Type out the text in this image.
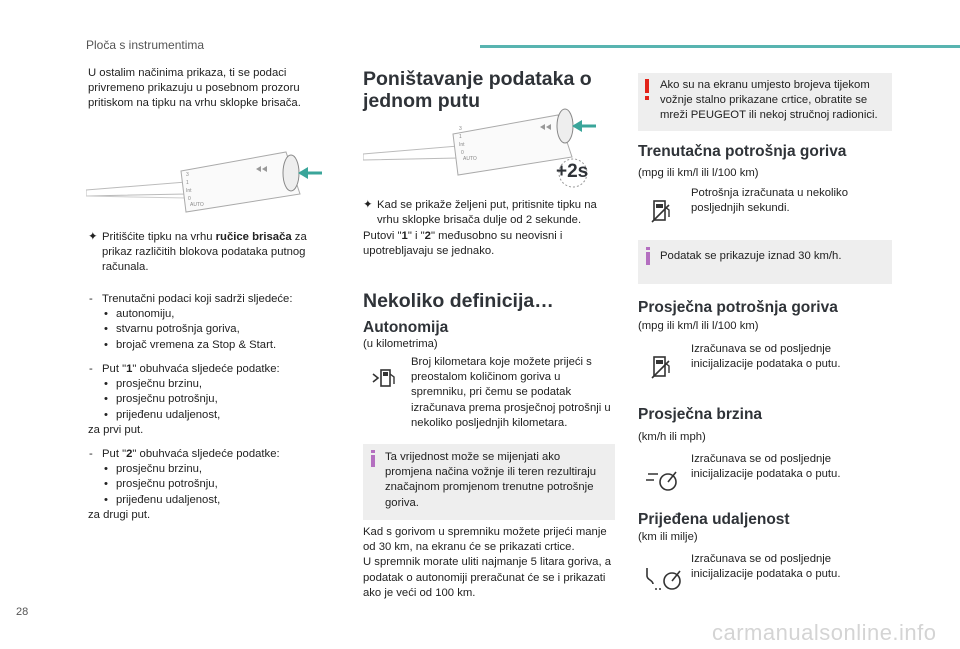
Ploča s instrumentima
28
U ostalim načinima prikaza, ti se podaci privremeno prikazuju u posebnom prozoru pritiskom na tipku na vrhu sklopke brisača.
3
1
Int
0
AUTO
︎✦ Pritišćite tipku na vrhu ručice brisača za prikaz različitih blokova podataka putnog računala.
- Trenutačni podaci koji sadrži sljedeće:
• autonomiju,
• stvarnu potrošnja goriva,
• brojač vremena za Stop & Start.
- Put "1" obuhvaća sljedeće podatke:
• prosječnu brzinu,
• prosječnu potrošnju,
• prijeđenu udaljenost,
za prvi put.
- Put "2" obuhvaća sljedeće podatke:
• prosječnu brzinu,
• prosječnu potrošnju,
• prijeđenu udaljenost,
za drugi put.
Poništavanje podataka o jednom putu
3
1
Int
0
AUTO
+2s
✦ Kad se prikaže željeni put, pritisnite tipku na vrhu sklopke brisača dulje od 2 sekunde.
Putovi "1" i "2" međusobno su neovisni i upotrebljavaju se jednako.
Nekoliko definicija…
Autonomija
(u kilometrima)
Broj kilometara koje možete prijeći s preostalom količinom goriva u spremniku, pri čemu se podatak izračunava prema prosječnoj potrošnji u nekoliko posljednjih kilometara.
Ta vrijednost može se mijenjati ako promjena načina vožnje ili teren rezultiraju značajnom promjenom trenutne potrošnje goriva.
Kad s gorivom u spremniku možete prijeći manje od 30 km, na ekranu će se prikazati crtice.
U spremnik morate uliti najmanje 5 litara goriva, a podatak o autonomiji preračunat će se i prikazati ako je veći od 100 km.
Ako su na ekranu umjesto brojeva tijekom vožnje stalno prikazane crtice, obratite se mreži PEUGEOT ili nekoj stručnoj radionici.
Trenutačna potrošnja goriva
(mpg ili km/l ili l/100 km)
Potrošnja izračunata u nekoliko posljednjih sekundi.
Podatak se prikazuje iznad 30 km/h.
Prosječna potrošnja goriva
(mpg ili km/l ili l/100 km)
Izračunava se od posljednje inicijalizacije podataka o putu.
Prosječna brzina
(km/h ili mph)
Izračunava se od posljednje inicijalizacije podataka o putu.
Prijeđena udaljenost
(km ili milje)
Izračunava se od posljednje inicijalizacije podataka o putu.
carmanualsonline.info
